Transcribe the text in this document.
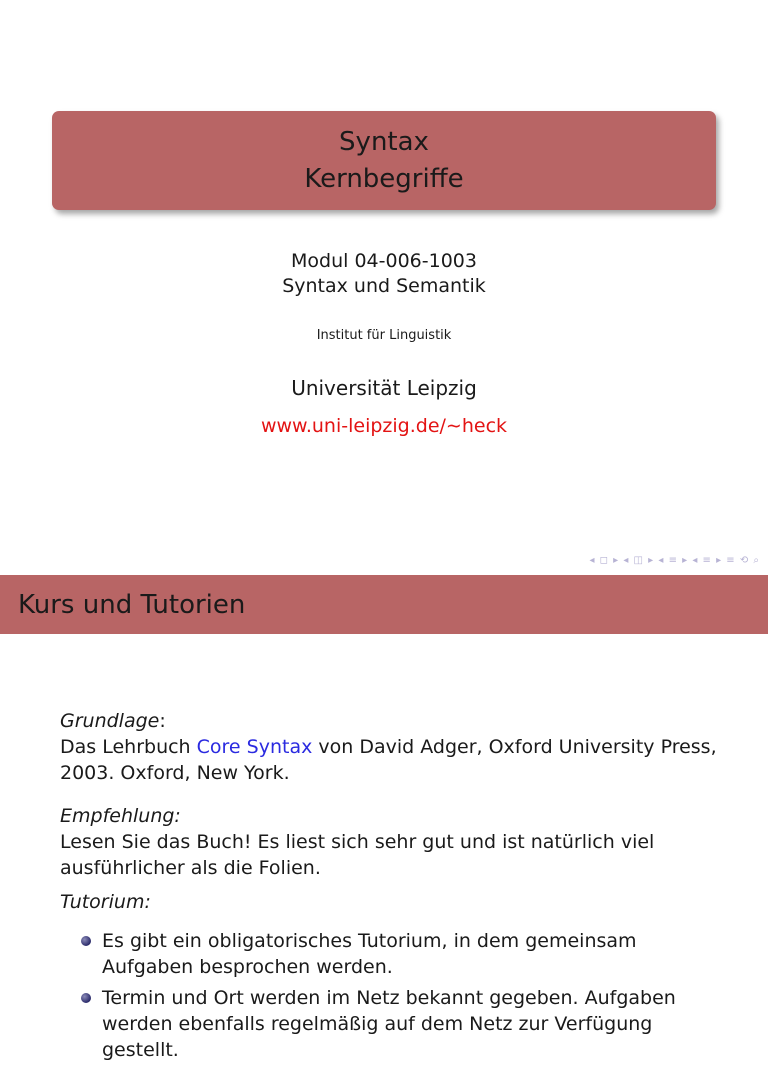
Syntax
Kernbegriffe
Modul 04-006-1003
Syntax und Semantik
Institut für Linguistik
Universität Leipzig
www.uni-leipzig.de/∼heck
◂ ◻ ▸ ◂ ◫ ▸ ◂ ≡ ▸ ◂ ≡ ▸ ≡ ⟲ ⌕
Kurs und Tutorien
Grundlage:
Das Lehrbuch Core Syntax von David Adger, Oxford University Press, 2003. Oxford, New York.
Empfehlung:
Lesen Sie das Buch! Es liest sich sehr gut und ist natürlich viel ausführlicher als die Folien.
Tutorium:
Es gibt ein obligatorisches Tutorium, in dem gemeinsam Aufgaben besprochen werden.
Termin und Ort werden im Netz bekannt gegeben. Aufgaben werden ebenfalls regelmäßig auf dem Netz zur Verfügung gestellt.
